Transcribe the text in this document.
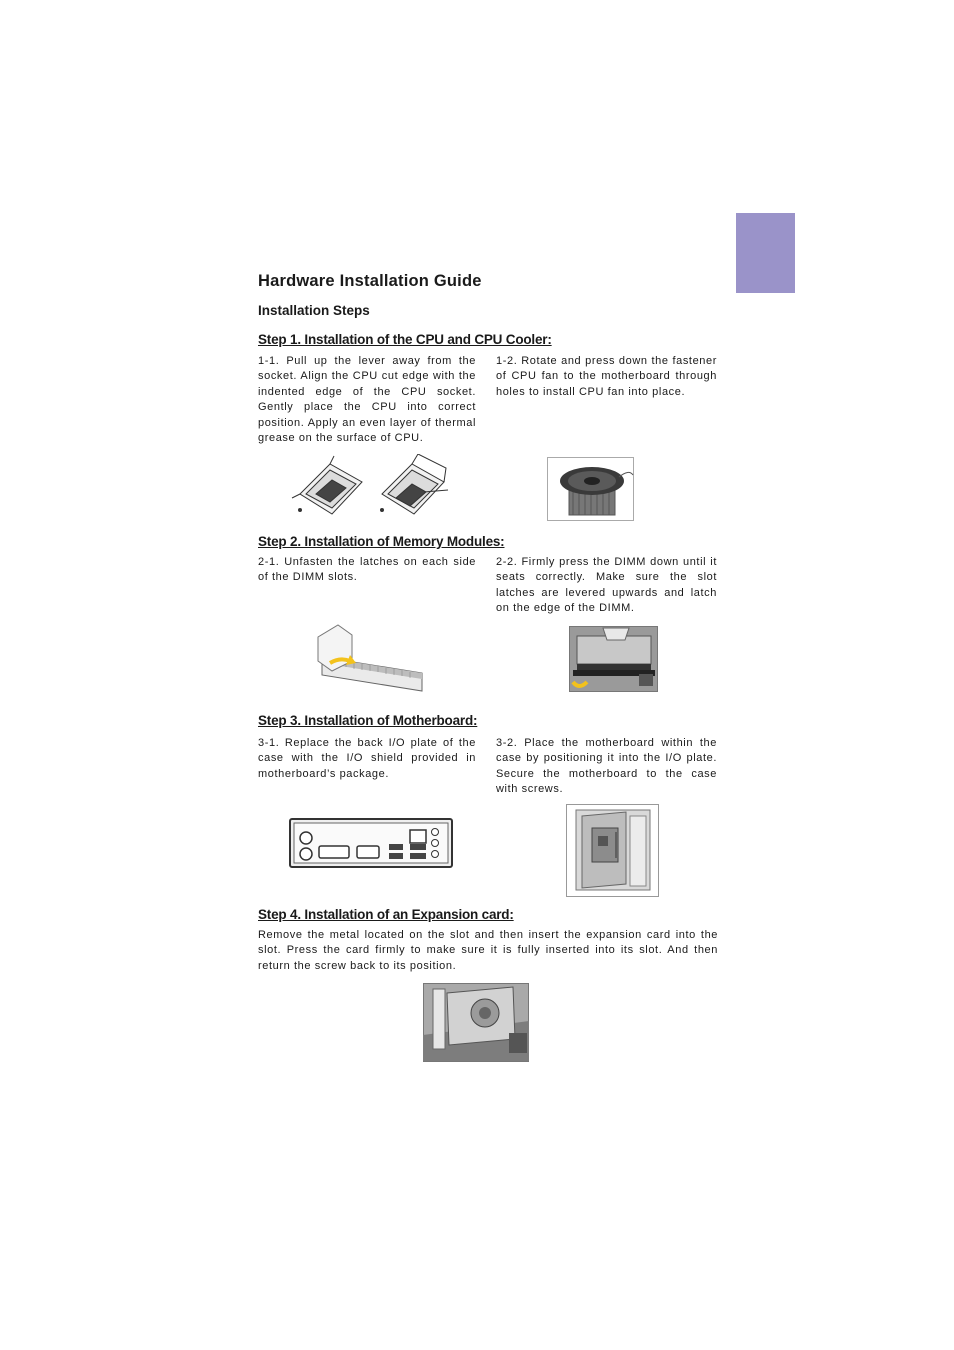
Hardware Installation Guide
Installation Steps
Step 1. Installation of the CPU and CPU Cooler:

1-1. Pull up the lever away from the socket. Align the CPU cut edge with the indented edge of the CPU socket. Gently place the CPU into correct position. Apply an even layer of thermal grease on the surface of CPU.

1-2. Rotate and press down the fastener of CPU fan to the motherboard through holes to install CPU fan into place.

Step 2. Installation of Memory Modules:

2-1. Unfasten the latches on each side of the DIMM slots.

2-2. Firmly press the DIMM down until it seats correctly. Make sure the slot latches are levered upwards and latch on the edge of the DIMM.

Step 3. Installation of Motherboard:

3-1. Replace the back I/O plate of the case with the I/O shield provided in motherboard’s package.

3-2. Place the motherboard within the case by positioning it into the I/O plate. Secure the motherboard to the case with screws.

Step 4. Installation of an Expansion card:

Remove the metal located on the slot and then insert the expansion card into the slot. Press the card firmly to make sure it is fully inserted into its slot. And then return the screw back to its position.
